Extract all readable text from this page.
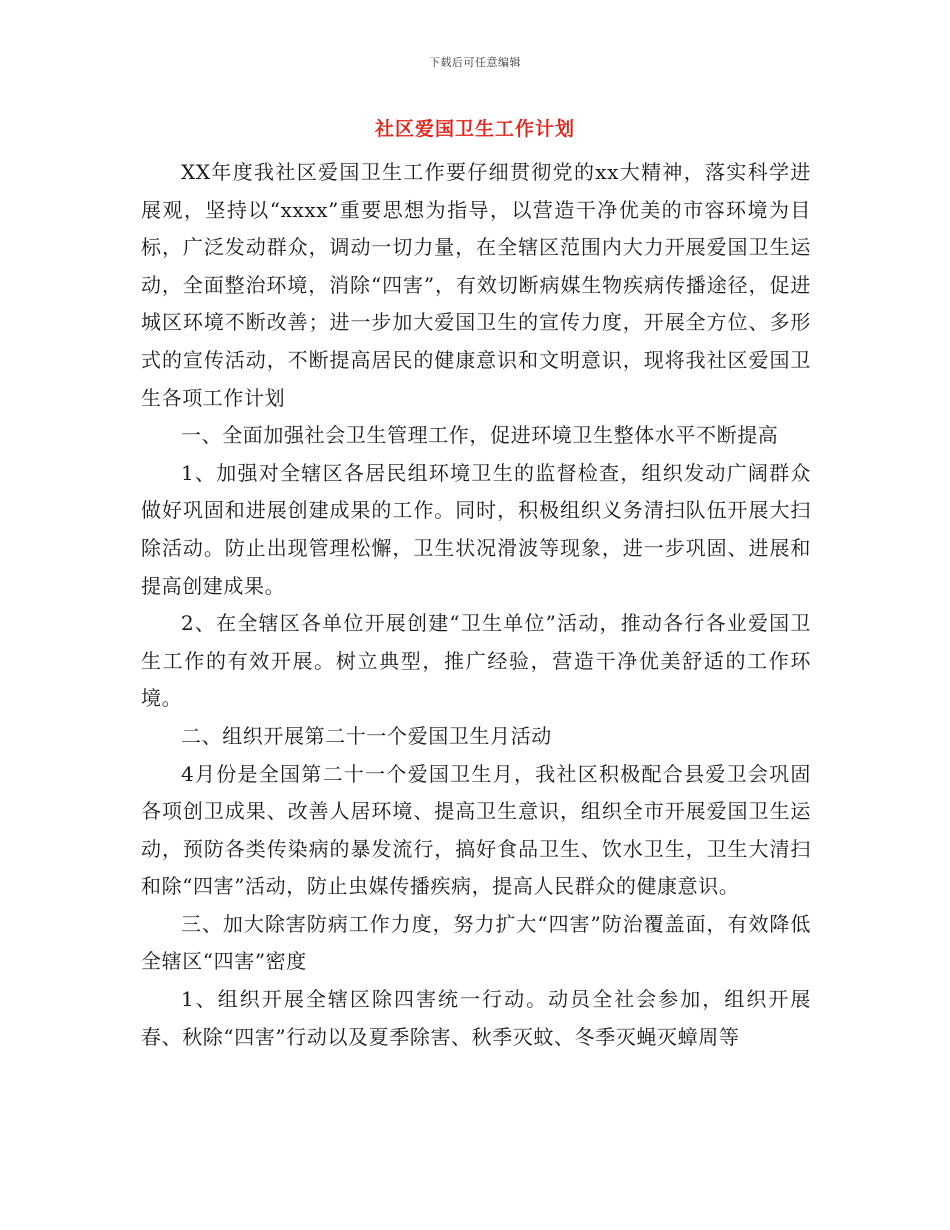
下载后可任意编辑
社区爱国卫生工作计划

XX年度我社区爱国卫生工作要仔细贯彻党的xx大精神，落实科学进展观，坚持以“xxxx”重要思想为指导，以营造干净优美的市容环境为目标，广泛发动群众，调动一切力量，在全辖区范围内大力开展爱国卫生运动，全面整治环境，消除“四害”，有效切断病媒生物疾病传播途径，促进城区环境不断改善；进一步加大爱国卫生的宣传力度，开展全方位、多形式的宣传活动，不断提高居民的健康意识和文明意识，现将我社区爱国卫生各项工作计划

一、全面加强社会卫生管理工作，促进环境卫生整体水平不断提高

1、加强对全辖区各居民组环境卫生的监督检查，组织发动广阔群众做好巩固和进展创建成果的工作。同时，积极组织义务清扫队伍开展大扫除活动。防止出现管理松懈，卫生状况滑波等现象，进一步巩固、进展和提高创建成果。

2、在全辖区各单位开展创建“卫生单位”活动，推动各行各业爱国卫生工作的有效开展。树立典型，推广经验，营造干净优美舒适的工作环境。

二、组织开展第二十一个爱国卫生月活动

4月份是全国第二十一个爱国卫生月，我社区积极配合县爱卫会巩固各项创卫成果、改善人居环境、提高卫生意识，组织全市开展爱国卫生运动，预防各类传染病的暴发流行，搞好食品卫生、饮水卫生，卫生大清扫和除“四害”活动，防止虫媒传播疾病，提高人民群众的健康意识。

三、加大除害防病工作力度，努力扩大“四害”防治覆盖面，有效降低全辖区“四害”密度

1、组织开展全辖区除四害统一行动。动员全社会参加，组织开展春、秋除“四害”行动以及夏季除害、秋季灭蚊、冬季灭蝇灭蟑周等
